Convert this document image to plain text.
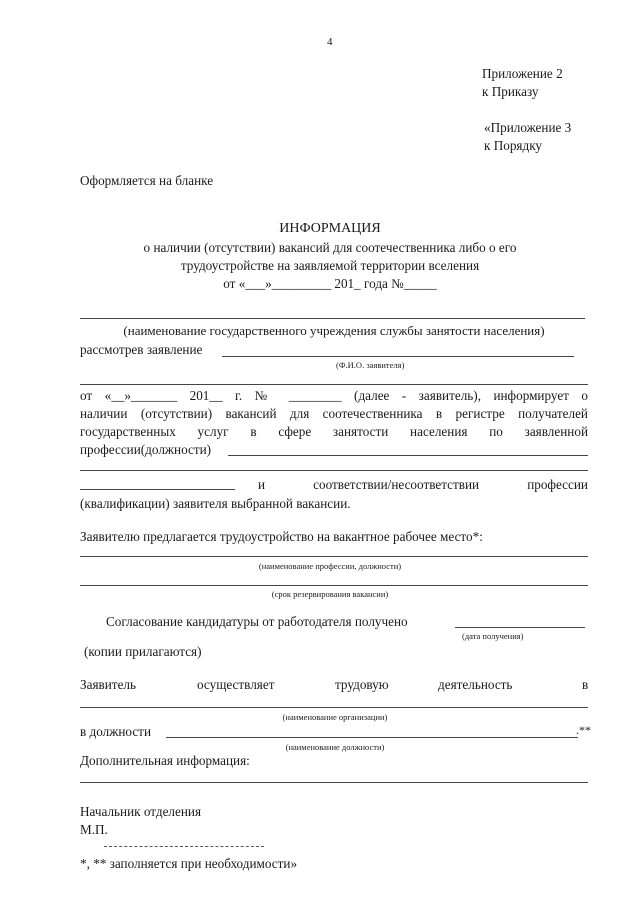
4
Приложение 2
к Приказу
«Приложение 3
к Порядку
Оформляется на бланке
ИНФОРМАЦИЯ
о наличии (отсутствии) вакансий для соотечественника либо о его
трудоустройстве на заявляемой территории вселения
от «___»_________ 201_ года №_____
(наименование государственного учреждения службы занятости населения)
рассмотрев заявление
(Ф.И.О. заявителя)
от «__»_______ 201__ г. № ________ (далее - заявитель), информирует о
наличии (отсутствии) вакансий для соотечественника в регистре получателей
государственных услуг в сфере занятости населения по заявленной
профессии(должности)
и соответствии/несоответствии профессии
(квалификации) заявителя выбранной вакансии.
Заявителю предлагается трудоустройство на вакантное рабочее место*:
(наименование профессии, должности)
(срок резервирования вакансии)
Согласование кандидатуры от работодателя получено
(дата получения)
(копии прилагаются)
Заявитель	осуществляет	трудовую	деятельность	в
(наименование организации)
в должности	.**
(наименование должности)
Дополнительная информация:
Начальник отделения
М.П.
*, ** заполняется при необходимости»
